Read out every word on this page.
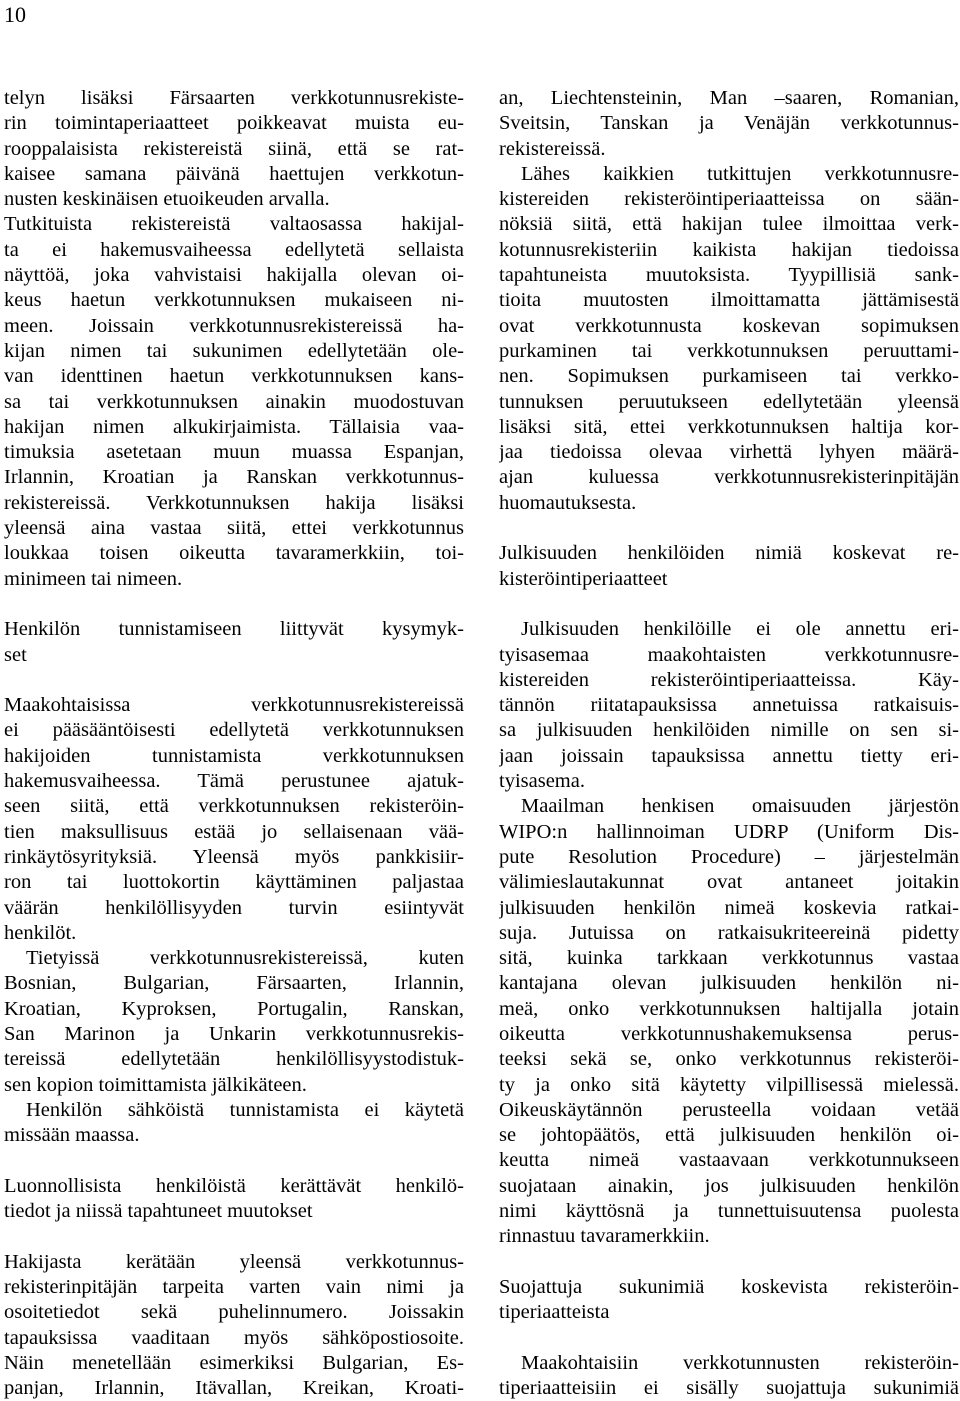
10
telyn lisäksi Färsaarten verkkotunnusrekiste-
rin toimintaperiaatteet poikkeavat muista eu-
rooppalaisista rekistereistä siinä, että se rat-
kaisee samana päivänä haettujen verkkotun-
nusten keskinäisen etuoikeuden arvalla.
Tutkituista rekistereistä valtaosassa hakijal-
ta ei hakemusvaiheessa edellytetä sellaista
näyttöä, joka vahvistaisi hakijalla olevan oi-
keus haetun verkkotunnuksen mukaiseen ni-
meen. Joissain verkkotunnusrekistereissä ha-
kijan nimen tai sukunimen edellytetään ole-
van identtinen haetun verkkotunnuksen kans-
sa tai verkkotunnuksen ainakin muodostuvan
hakijan nimen alkukirjaimista. Tällaisia vaa-
timuksia asetetaan muun muassa Espanjan,
Irlannin, Kroatian ja Ranskan verkkotunnus-
rekistereissä. Verkkotunnuksen hakija lisäksi
yleensä aina vastaa siitä, ettei verkkotunnus
loukkaa toisen oikeutta tavaramerkkiin, toi-
minimeen tai nimeen.
Henkilön tunnistamiseen liittyvät kysymyk-
set
Maakohtaisissa verkkotunnusrekistereissä
ei pääsääntöisesti edellytetä verkkotunnuksen
hakijoiden tunnistamista verkkotunnuksen
hakemusvaiheessa. Tämä perustunee ajatuk-
seen siitä, että verkkotunnuksen rekisteröin-
tien maksullisuus estää jo sellaisenaan vää-
rinkäytösyrityksiä. Yleensä myös pankkisiir-
ron tai luottokortin käyttäminen paljastaa
väärän henkilöllisyyden turvin esiintyvät
henkilöt.
Tietyissä verkkotunnusrekistereissä, kuten
Bosnian, Bulgarian, Färsaarten, Irlannin,
Kroatian, Kyproksen, Portugalin, Ranskan,
San Marinon ja Unkarin verkkotunnusrekis-
tereissä edellytetään henkilöllisyystodistuk-
sen kopion toimittamista jälkikäteen.
Henkilön sähköistä tunnistamista ei käytetä
missään maassa.
Luonnollisista henkilöistä kerättävät henkilö-
tiedot ja niissä tapahtuneet muutokset
Hakijasta kerätään yleensä verkkotunnus-
rekisterinpitäjän tarpeita varten vain nimi ja
osoitetiedot sekä puhelinnumero. Joissakin
tapauksissa vaaditaan myös sähköpostiosoite.
Näin menetellään esimerkiksi Bulgarian, Es-
panjan, Irlannin, Itävallan, Kreikan, Kroati-
an, Liechtensteinin, Man –saaren, Romanian,
Sveitsin, Tanskan ja Venäjän verkkotunnus-
rekistereissä.
Lähes kaikkien tutkittujen verkkotunnusre-
kistereiden rekisteröintiperiaatteissa on sään-
nöksiä siitä, että hakijan tulee ilmoittaa verk-
kotunnusrekisteriin kaikista hakijan tiedoissa
tapahtuneista muutoksista. Tyypillisiä sank-
tioita muutosten ilmoittamatta jättämisestä
ovat verkkotunnusta koskevan sopimuksen
purkaminen tai verkkotunnuksen peruuttami-
nen. Sopimuksen purkamiseen tai verkko-
tunnuksen peruutukseen edellytetään yleensä
lisäksi sitä, ettei verkkotunnuksen haltija kor-
jaa tiedoissa olevaa virhettä lyhyen määrä-
ajan kuluessa verkkotunnusrekisterinpitäjän
huomautuksesta.
Julkisuuden henkilöiden nimiä koskevat re-
kisteröintiperiaatteet
Julkisuuden henkilöille ei ole annettu eri-
tyisasemaa maakohtaisten verkkotunnusre-
kistereiden rekisteröintiperiaatteissa. Käy-
tännön riitatapauksissa annetuissa ratkaisuis-
sa julkisuuden henkilöiden nimille on sen si-
jaan joissain tapauksissa annettu tietty eri-
tyisasema.
Maailman henkisen omaisuuden järjestön
WIPO:n hallinnoiman UDRP (Uniform Dis-
pute Resolution Procedure) – järjestelmän
välimieslautakunnat ovat antaneet joitakin
julkisuuden henkilön nimeä koskevia ratkai-
suja. Jutuissa on ratkaisukriteereinä pidetty
sitä, kuinka tarkkaan verkkotunnus vastaa
kantajana olevan julkisuuden henkilön ni-
meä, onko verkkotunnuksen haltijalla jotain
oikeutta verkkotunnushakemuksensa perus-
teeksi sekä se, onko verkkotunnus rekisteröi-
ty ja onko sitä käytetty vilpillisessä mielessä.
Oikeuskäytännön perusteella voidaan vetää
se johtopäätös, että julkisuuden henkilön oi-
keutta nimeä vastaavaan verkkotunnukseen
suojataan ainakin, jos julkisuuden henkilön
nimi käyttösnä ja tunnettuisuutensa puolesta
rinnastuu tavaramerkkiin.
Suojattuja sukunimiä koskevista rekisteröin-
tiperiaatteista
Maakohtaisiin verkkotunnusten rekisteröin-
tiperiaatteisiin ei sisälly suojattuja sukunimiä
